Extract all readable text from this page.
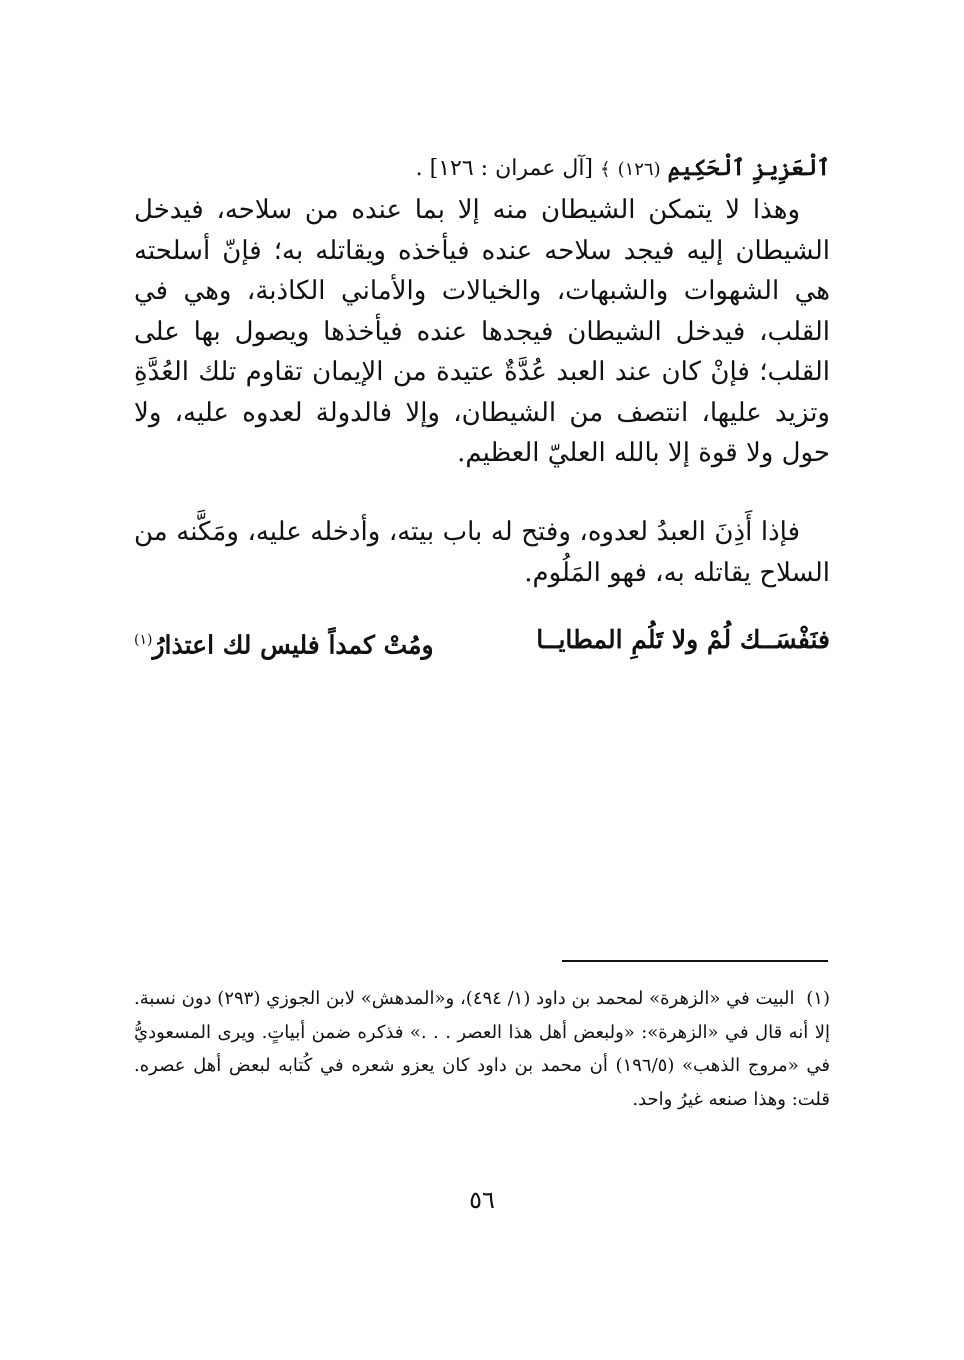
ٱلْعَزِيزِ ٱلْحَكِيمِ (١٢٦) ﴾ [آل عمران : ١٢٦] .

وهذا لا يتمكن الشيطان منه إلا بما عنده من سلاحه، فيدخل الشيطان إليه فيجد سلاحه عنده فيأخذه ويقاتله به؛ فإنّ أسلحته هي الشهوات والشبهات، والخيالات والأماني الكاذبة، وهي في القلب، فيدخل الشيطان فيجدها عنده فيأخذها ويصول بها على القلب؛ فإنْ كان عند العبد عُدَّةٌ عتيدة من الإيمان تقاوم تلك العُدَّةِ وتزيد عليها، انتصف من الشيطان، وإلا فالدولة لعدوه عليه، ولا حول ولا قوة إلا بالله العليّ العظيم.

فإذا أَذِنَ العبدُ لعدوه، وفتح له باب بيته، وأدخله عليه، ومَكَّنه من السلاح يقاتله به، فهو المَلُوم.

فنَفْسَــك لُمْ ولا تَلُمِ المطايــا
ومُتْ كمداً فليس لك اعتذارُ$^{(١)}$
(١) البيت في «الزهرة» لمحمد بن داود (١/ ٤٩٤)، و«المدهش» لابن الجوزي (٢٩٣) دون نسبة. إلا أنه قال في «الزهرة»: «ولبعض أهل هذا العصر . . .» فذكره ضمن أبياتٍ. ويرى المسعوديُّ في «مروج الذهب» (١٩٦/٥) أن محمد بن داود كان يعزو شعره في كُتابه لبعض أهل عصره. قلت: وهذا صنعه غيرُ واحد.
٥٦
